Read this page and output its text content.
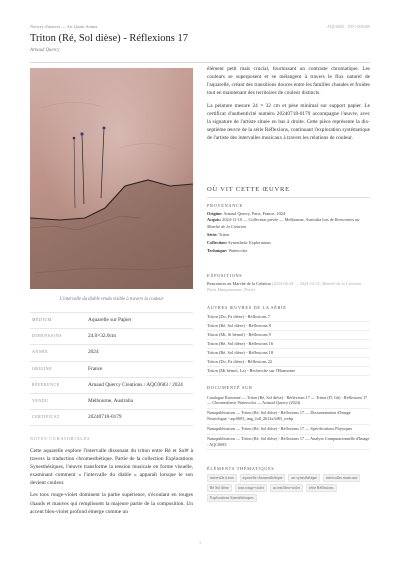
Notices d'œuvres — Art Quant Anima	AQC0683 · NTC-000289
Triton (Ré, Sol dièse) - Réflexions 17
Arnaud Quercy
L'intervalle du diable rendu visible à travers la couleur
MÉDIUM	Aquarelle sur Papier
DIMENSIONS	24.0×32.0cm
ANNÉE	2024
ORIGINE	France
RÉFÉRENCE	Arnaud Quercy Creations / AQC0683 / 2024
VENDU	Melbourne, Australia
CERTIFICAT	20240718-0179
NOTES CURATORIALES

Cette aquarelle explore l'intervalle dissonant du triton entre Ré et Sol# à travers la traduction chromesthétique. Partie de la collection Explorations Synesthésiques, l'œuvre transforme la tension musicale en forme visuelle, examinant comment « l'intervalle du diable » apparaît lorsque le son devient couleur.

Les tons rouge-violet dominent la partie supérieure, s'écoulant en rouges chauds et mauves qui remplissent la majeure partie de la composition. Un accent bleu-violet profond émerge comme un

élément petit mais crucial, fournissant un contraste chromatique. Les couleurs se superposent et se mélangent à travers le flux naturel de l'aquarelle, créant des transitions douces entre les familles chaudes et froides tout en maintenant des territoires de couleur distincts.

La peinture mesure 24 × 32 cm et pèse minimal sur support papier. Le certificat d'authenticité numéro 20240718-0179 accompagne l'œuvre, avec la signature de l'artiste située en bas à droite. Cette pièce représente la dix-septième œuvre de la série Réflexions, continuant l'exploration systématique de l'artiste des intervalles musicaux à travers les relations de couleur.

OÙ VIT CETTE ŒUVRE
PROVENANCE
Origine: Arnaud Quercy, Paris, France, 2024
Acquis: 2024-11-10 — Collection privée — Melbourne, Australia lors de Rencontres au Marché de la Création
Série: Triton
Collection: Synesthetic Explorations
Technique: Watercolor
EXPOSITIONS
Rencontres au Marché de la Création (2024-04-24 → 2024-12-31, Marché de la Création - Paris Montparnasse, Paris)
AUTRES ŒUVRES DE LA SÉRIE
Triton (Do, Fa dièse) - Réflexions 7
Triton (Ré, Sol dièse) - Réflexions 8
Triton (Mi, Si bémol) - Réflexions 9
Triton (Ré, Sol dièse) - Réflexions 16
Triton (Ré, Sol dièse) - Réflexions 18
Triton (Do, Fa dièse) - Réflexions 22
Triton (Mi bémol, La) - Recherche sur l'Harmonie
DOCUMENTÉ SUR
Catalogue Raisonné — Triton (Ré, Sol dièse) - Réflexions 17 — Triton (D, G#) - Réflexions 17 — Chromesthetic Watercolor — Arnaud Quercy (2024)
Nanopublication — Triton (Ré, Sol dièse) - Réflexions 17 — Documentation d'Image Neurologue - aqc0683_img_full_2612x3483_webp
Nanopublication — Triton (Ré, Sol dièse) - Réflexions 17 — Spécifications Physiques
Nanopublication — Triton (Ré, Sol dièse) - Réflexions 17 — Analyse Computationnelle d'Image - AQC0683
ÉLÉMENTS THÉMATIQUES
intervalle triton	aquarelle chromesthétique	art synesthétique	intervalles musicaux
Ré Sol dièse	tons rouge-violet	accent bleu-violet	série Réflexions
Explorations Synesthésiques
1
